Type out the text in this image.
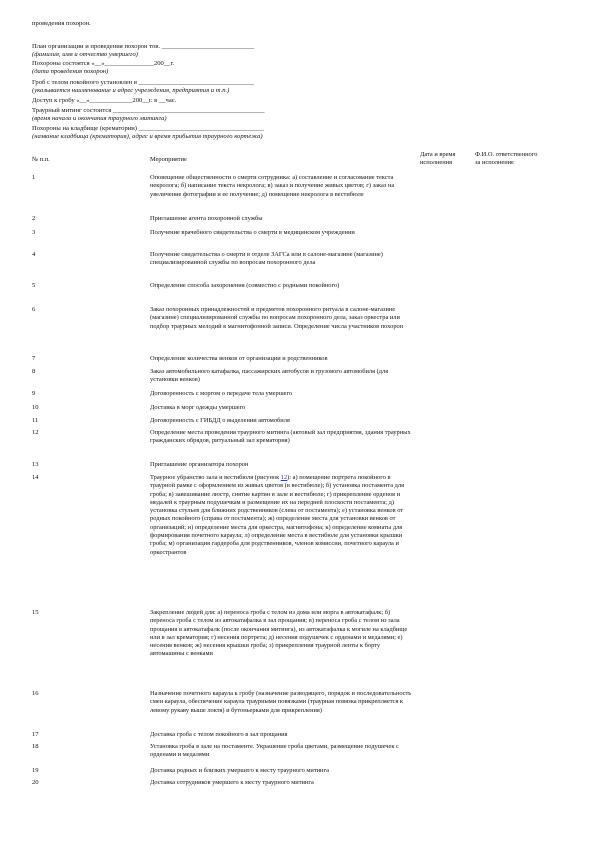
проведения похорон.
План организации и проведения похорон тов. ____________________________
(фамилия, имя и отчество умершего)
Похороны состоятся «__»_______________200__г.
(дата проведения похорон)
Гроб с телом покойного установлен в ___________________________________
(указывается наименование и адрес учреждения, предприятия и т.п.)
Доступ к гробу «__»_____________200__г. в __час.
Траурный митинг состоится ______________________________________________
(время начала и окончания траурного митинга)
Похороны на кладбище (крематории) ______________________________________
(название кладбища (крематория), адрес и время прибытия траурного кортежа)
№ п.п.	Мероприятие
Дата и время
исполнения
Ф.И.О. ответственного
за исполнение
1	Оповещение общественности о смерти сотрудника: а) составление и согласование текста некролога; б) написание текста некролога; в) заказ и получение живых цветов; г) заказ на увеличение фотографии и ее получение; д) помещение некролога в вестибюле
2	Приглашение агента похоронной службы
3	Получение врачебного свидетельства о смерти в медицинском учреждении
4	Получение свидетельства о смерти в отделе ЗАГСа или в салоне-магазине (магазине) специализированной службы по вопросам похоронного дела
5	Определение способа захоронения (совместно с родными покойного)
6	Заказ похоронных принадлежностей и предметов похоронного ритуала в салоне-магазине (магазине) специализированной службы по вопросам похоронного дела, заказ оркестра или подбор траурных мелодий в магнитофонной записи. Определение числа участников похорон
7	Определение количества венков от организации и родственников
8	Заказ автомобильного катафалка, пассажирских автобусов и грузового автомобиля (для установки венков)
9	Договоренность с моргом о передаче тела умершего
10	Доставка в морг одежды умершего
11	Договоренность с ГИБДД о выделении автомобиля
12	Определение места проведения траурного митинга (актовый зал предприятия, здания траурных гражданских обрядов, ритуальный зал крематория)
13	Приглашение организатора похорон
14	Траурное убранство зала и вестибюля (рисунок 12): а) помещение портрета покойного в траурной рамке с оформлением из живых цветов (в вестибюле); б) установка постамента для гроба; в) завешивание люстр, снятие картин в зале и вестибюле; г) прикрепление орденов и медалей к траурным подушечкам и размещение их на передней плоскости постамента; д) установка стульев для ближних родственников (слева от постамента); е) установка венков от родных покойного (справа от постамента); ж) определение места для установки венков от организаций; и) определение места для оркестра, магнитофона; к) определение комнаты для формирования почетного караула; л) определение места в вестибюле для установки крышки гроба; м) организация гардероба для родственников, членов комиссии, почетного караула и оркестрантов
15	Закрепление людей для: а) переноса гроба с телом из дома или морга в автокатафалк; б) переноса гроба с телом из автокатафалка в зал прощания; в) переноса гроба с телом из зала прощания в автокатафалк (после окончания митинга), из автокатафалка к могиле на кладбище или в зал крематория; г) несения портрета; д) несения подушечек с орденами и медалями; е) несения венков; ж) несения крышки гроба; з) прикрепления траурной ленты к борту автомашины с венками
16	Назначение почетного караула к гробу (назначение разводящего, порядок и последовательность смен караула, обеспечение караула траурными повязками (траурная повязка прикрепляется к левому рукаву выше локтя) и бутоньерками для прикрепления)
17	Доставка гроба с телом покойного в зал прощания
18	Установка гроба в зале на постаменте. Украшение гроба цветами, размещение подушечек с орденами и медалями
19	Доставка родных и близких умершего к месту траурного митинга
20	Доставка сотрудников умершего к месту траурного митинга
